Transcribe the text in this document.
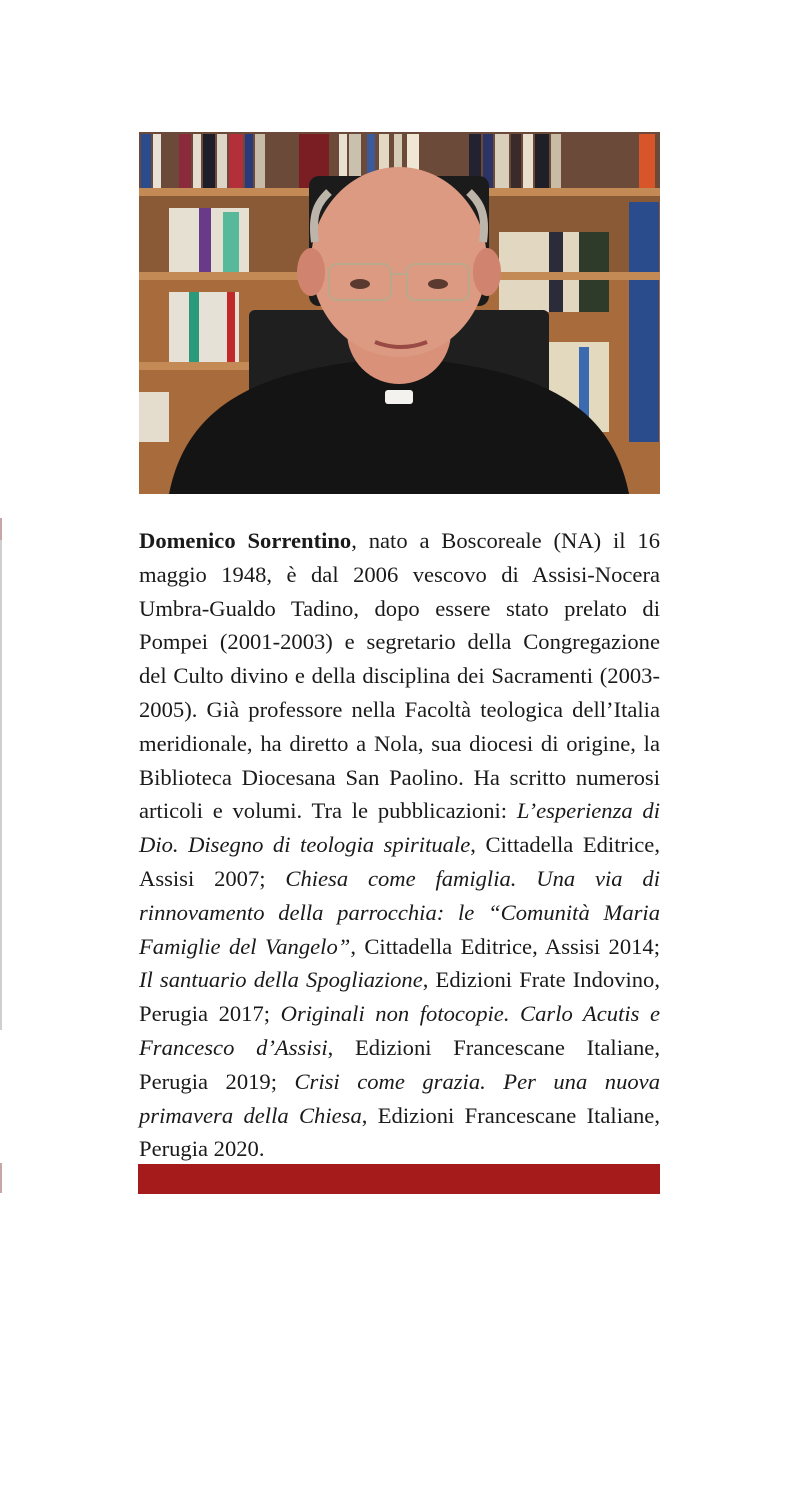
Domenico Sorrentino, nato a Boscoreale (NA) il 16 maggio 1948, è dal 2006 vescovo di Assisi-Nocera Umbra-Gualdo Tadino, dopo essere stato prelato di Pompei (2001-2003) e segretario della Congregazione del Culto divino e della disciplina dei Sacramenti (2003-2005). Già professore nella Facoltà teologica dell’Italia meridionale, ha diretto a Nola, sua diocesi di origine, la Biblioteca Diocesana San Paolino. Ha scritto numerosi articoli e volumi. Tra le pubblicazioni: L’esperienza di Dio. Disegno di teologia spirituale, Cittadella Editrice, Assisi 2007; Chiesa come famiglia. Una via di rinnovamento della parrocchia: le “Comunità Maria Famiglie del Vangelo”, Cittadella Editrice, Assisi 2014; Il santuario della Spogliazione, Edizioni Frate Indovino, Perugia 2017; Originali non fotocopie. Carlo Acutis e Francesco d’Assisi, Edizioni Francescane Italiane, Perugia 2019; Crisi come grazia. Per una nuova primavera della Chiesa, Edizioni Francescane Italiane, Perugia 2020.
